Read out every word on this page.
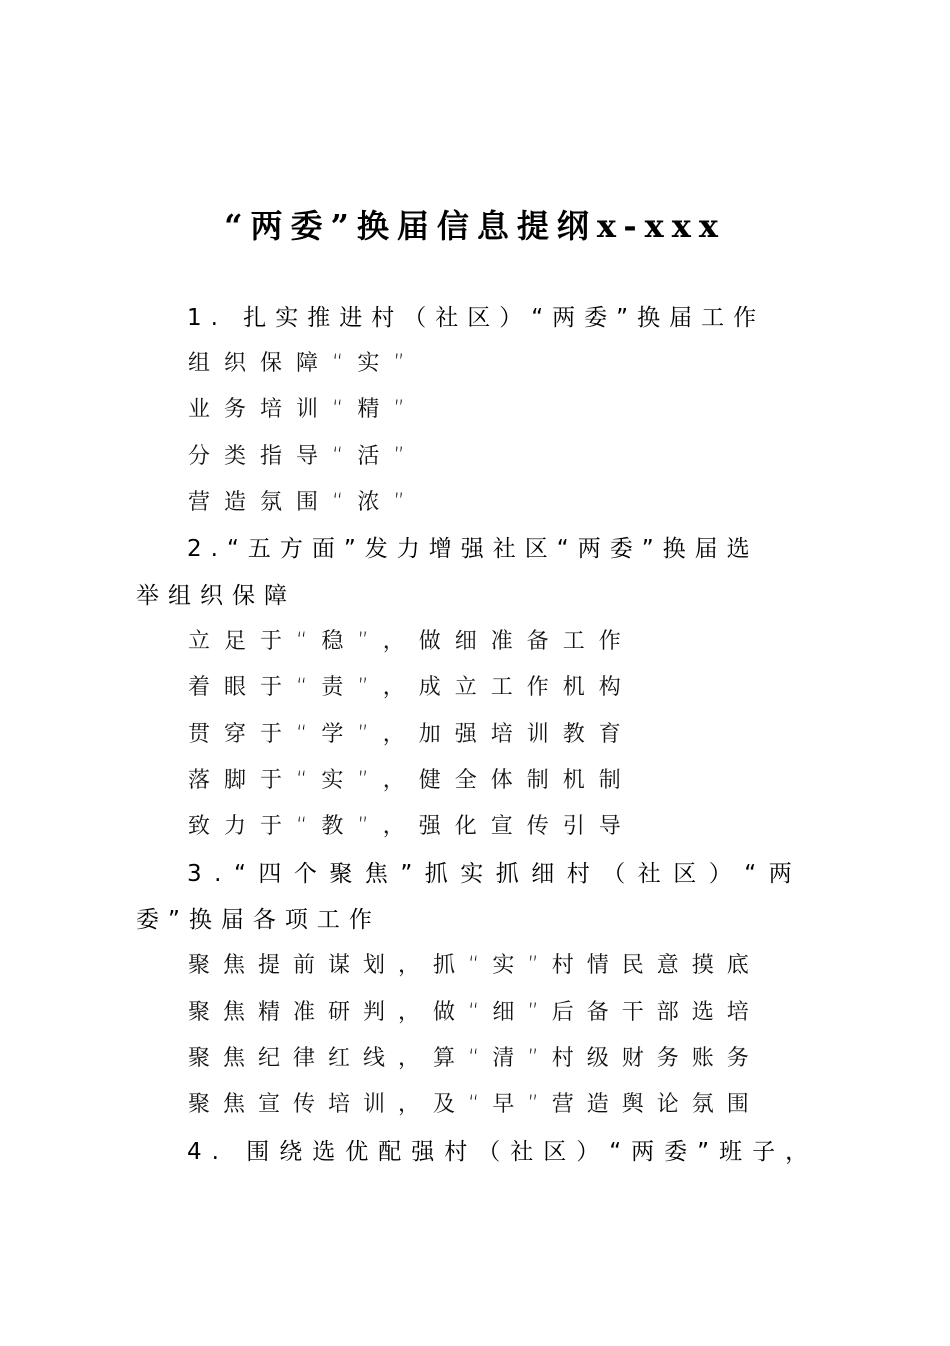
“两委”换届信息提纲x-xxx
1. 扎实推进村（社区）“两委”换届工作
组织保障“实”
业务培训“精”
分类指导“活”
营造氛围“浓”
2.“五方面”发力增强社区“两委”换届选
举组织保障
立足于“稳”，做细准备工作
着眼于“责”，成立工作机构
贯穿于“学”，加强培训教育
落脚于“实”，健全体制机制
致力于“教”，强化宣传引导
3.“四个聚焦”抓实抓细村（社区）“两
委”换届各项工作
聚焦提前谋划，抓“实”村情民意摸底
聚焦精准研判，做“细”后备干部选培
聚焦纪律红线，算“清”村级财务账务
聚焦宣传培训，及“早”营造舆论氛围
4. 围绕选优配强村（社区）“两委”班子，
